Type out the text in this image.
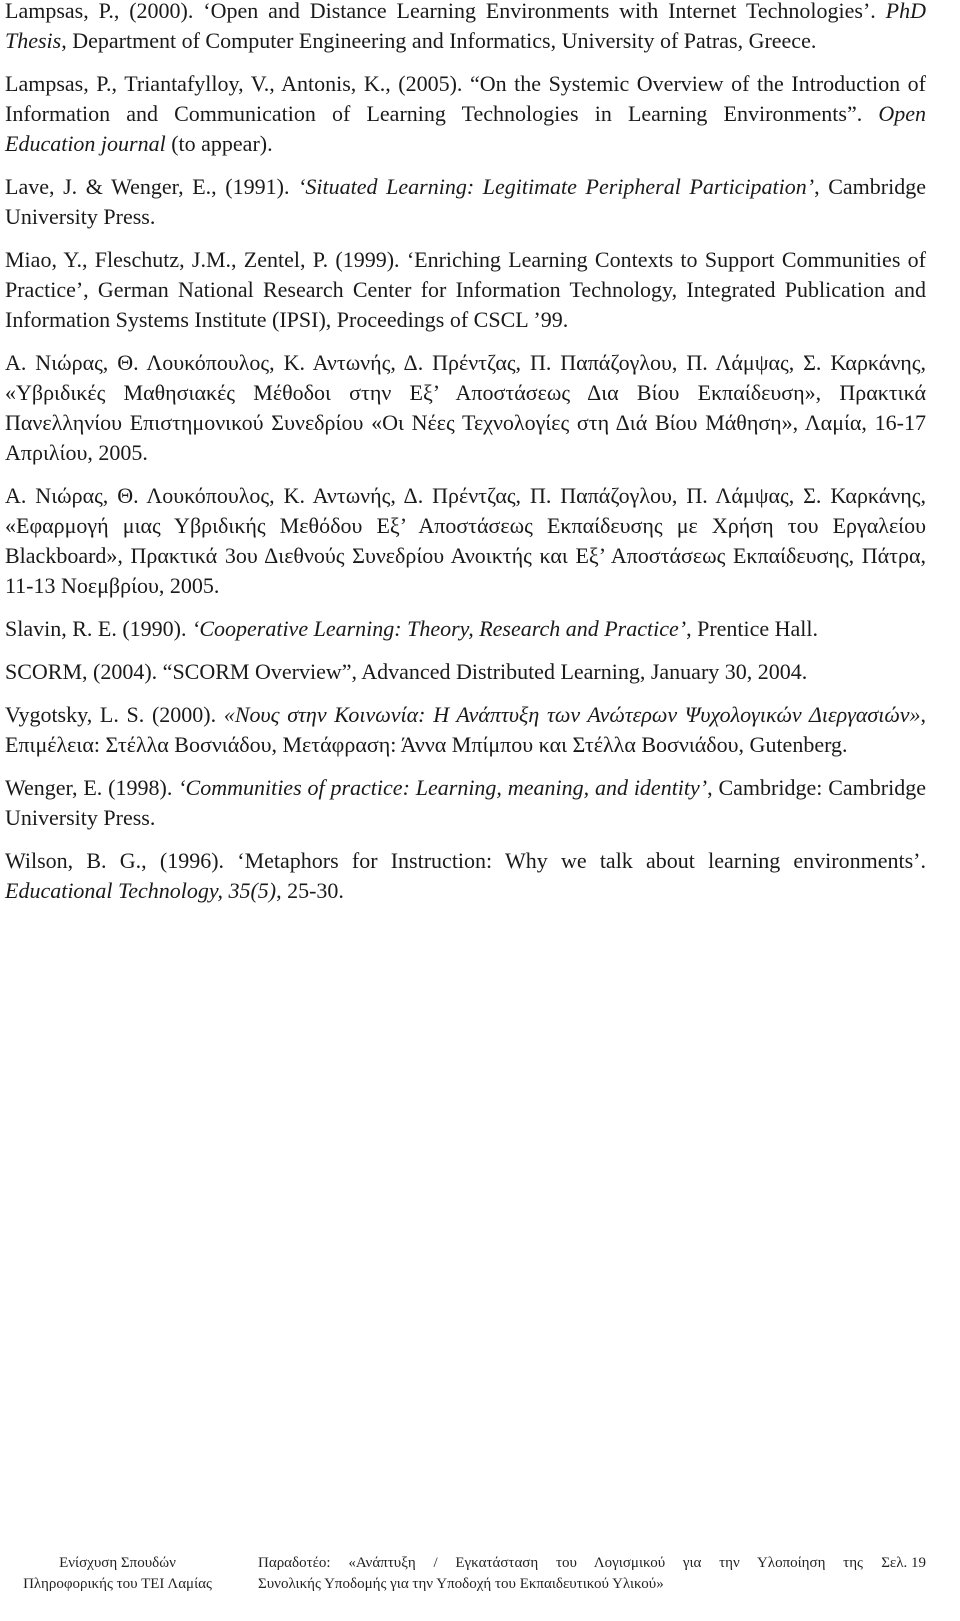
Lampsas, P., (2000). ‘Open and Distance Learning Environments with Internet Technologies’. PhD Thesis, Department of Computer Engineering and Informatics, University of Patras, Greece.

Lampsas, P., Triantafylloy, V., Antonis, K., (2005). “On the Systemic Overview of the Introduction of Information and Communication of Learning Technologies in Learning Environments”. Open Education journal (to appear).

Lave, J. & Wenger, E., (1991). ‘Situated Learning: Legitimate Peripheral Participation’, Cambridge University Press.

Miao, Y., Fleschutz, J.M., Zentel, P. (1999). ‘Enriching Learning Contexts to Support Communities of Practice’, German National Research Center for Information Technology, Integrated Publication and Information Systems Institute (IPSI), Proceedings of CSCL ’99.

Α. Νιώρας, Θ. Λουκόπουλος, Κ. Αντωνής, Δ. Πρέντζας, Π. Παπάζογλου, Π. Λάμψας, Σ. Καρκάνης, «Υβριδικές Μαθησιακές Μέθοδοι στην Εξ’ Αποστάσεως Δια Βίου Εκπαίδευση», Πρακτικά Πανελληνίου Επιστημονικού Συνεδρίου «Οι Νέες Τεχνολογίες στη Διά Βίου Μάθηση», Λαμία, 16-17 Απριλίου, 2005.

Α. Νιώρας, Θ. Λουκόπουλος, Κ. Αντωνής, Δ. Πρέντζας, Π. Παπάζογλου, Π. Λάμψας, Σ. Καρκάνης, «Εφαρμογή μιας Υβριδικής Μεθόδου Εξ’ Αποστάσεως Εκπαίδευσης με Χρήση του Εργαλείου Blackboard», Πρακτικά 3ου Διεθνούς Συνεδρίου Ανοικτής και Εξ’ Αποστάσεως Εκπαίδευσης, Πάτρα, 11-13 Νοεμβρίου, 2005.

Slavin, R. E. (1990). ‘Cooperative Learning: Theory, Research and Practice’, Prentice Hall.

SCORM, (2004). “SCORM Overview”, Advanced Distributed Learning, January 30, 2004.

Vygotsky, L. S. (2000). «Νους στην Κοινωνία: Η Ανάπτυξη των Ανώτερων Ψυχολογικών Διεργασιών», Επιμέλεια: Στέλλα Βοσνιάδου, Μετάφραση: Άννα Μπίμπου και Στέλλα Βοσνιάδου, Gutenberg.

Wenger, E. (1998). ‘Communities of practice: Learning, meaning, and identity’, Cambridge: Cambridge University Press.

Wilson, B. G., (1996). ‘Metaphors for Instruction: Why we talk about learning environments’. Educational Technology, 35(5), 25-30.

Ενίσχυση Σπουδών
Πληροφορικής του ΤΕΙ Λαμίας
Παραδοτέο: «Ανάπτυξη / Εγκατάσταση του Λογισμικού για την Υλοποίηση της
Συνολικής Υποδομής για την Υποδοχή του Εκπαιδευτικού Υλικού»
Σελ. 19
